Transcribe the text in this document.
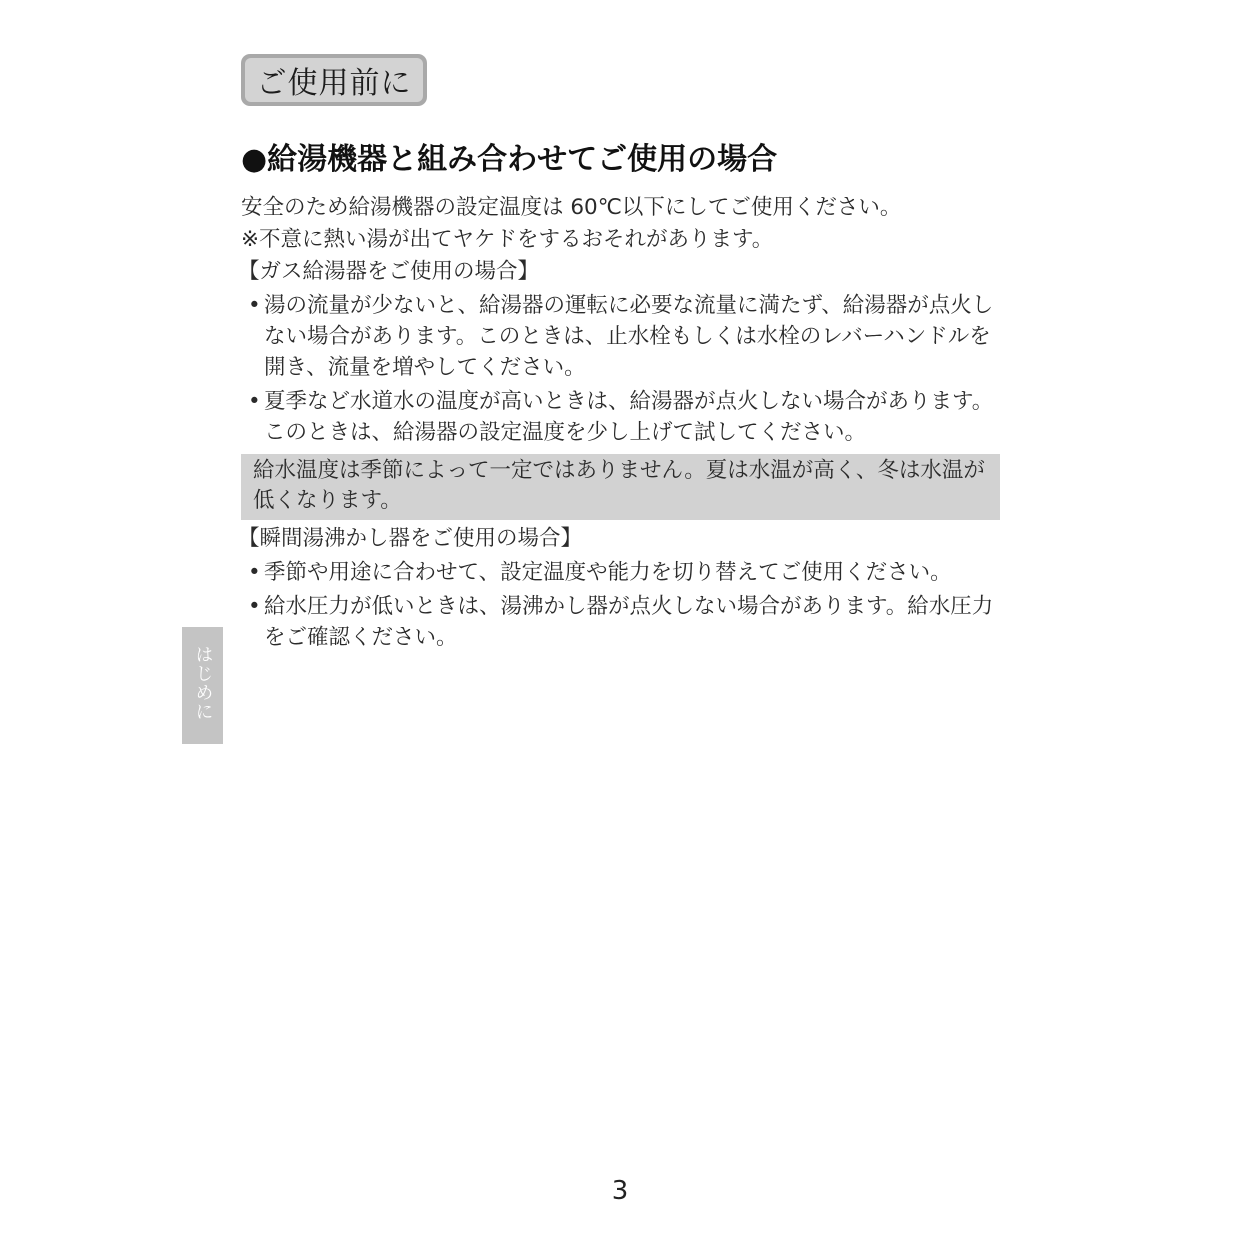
ご使用前に
●給湯機器と組み合わせてご使用の場合
安全のため給湯機器の設定温度は 60℃以下にしてご使用ください。
※不意に熱い湯が出てヤケドをするおそれがあります。
【ガス給湯器をご使用の場合】
• 湯の流量が少ないと、給湯器の運転に必要な流量に満たず、給湯器が点火しない場合があります。このときは、止水栓もしくは水栓のレバーハンドルを開き、流量を増やしてください。
• 夏季など水道水の温度が高いときは、給湯器が点火しない場合があります。このときは、給湯器の設定温度を少し上げて試してください。
給水温度は季節によって一定ではありません。夏は水温が高く、冬は水温が低くなります。
【瞬間湯沸かし器をご使用の場合】
• 季節や用途に合わせて、設定温度や能力を切り替えてご使用ください。
• 給水圧力が低いときは、湯沸かし器が点火しない場合があります。給水圧力をご確認ください。
はじめに
3
